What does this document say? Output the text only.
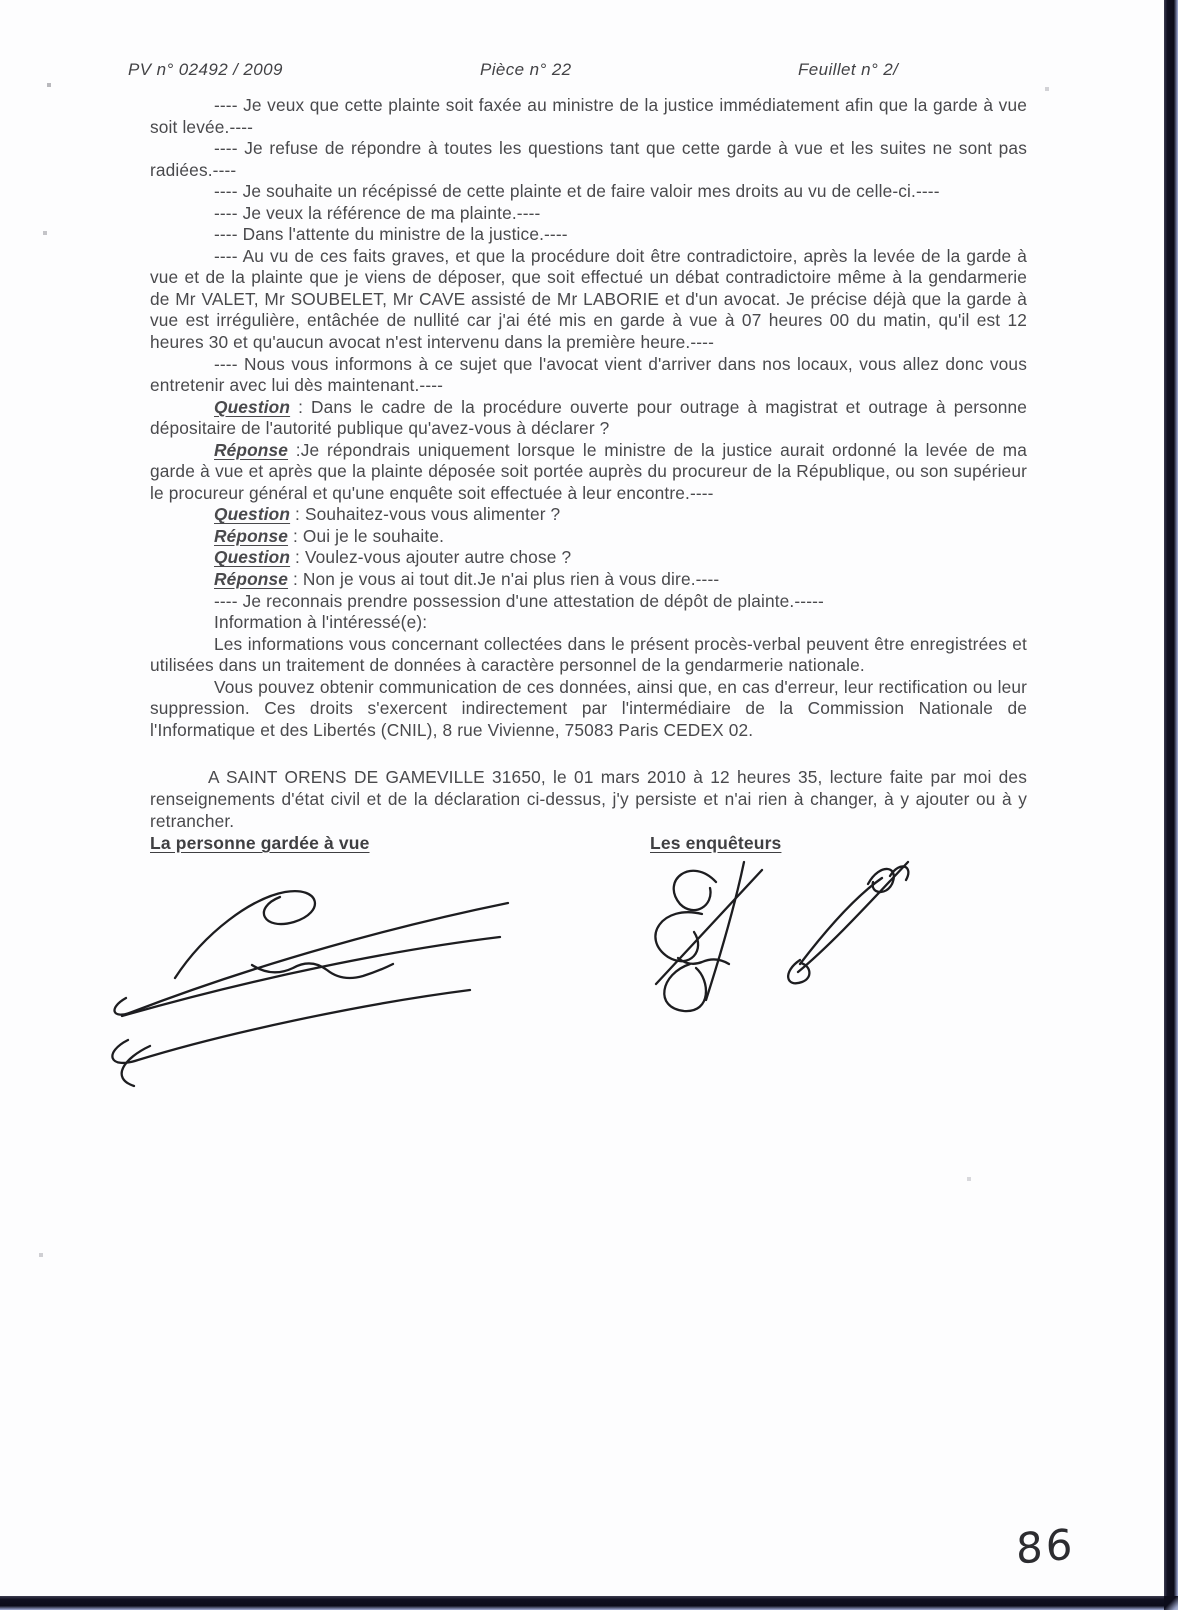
PV n° 02492 / 2009	Pièce n° 22	Feuillet n° 2/

---- Je veux que cette plainte soit faxée au ministre de la justice immédiatement afin que la garde à vue soit levée.----

---- Je refuse de répondre à toutes les questions tant que cette garde à vue et les suites ne sont pas radiées.----

---- Je souhaite un récépissé de cette plainte et de faire valoir mes droits au vu de celle-ci.----

---- Je veux la référence de ma plainte.----

---- Dans l'attente du ministre de la justice.----

---- Au vu de ces faits graves, et que la procédure doit être contradictoire, après la levée de la garde à vue et de la plainte que je viens de déposer, que soit effectué un débat contradictoire même à la gendarmerie de Mr VALET, Mr SOUBELET, Mr CAVE assisté de Mr LABORIE et d'un avocat. Je précise déjà que la garde à vue est irrégulière, entâchée de nullité car j'ai été mis en garde à vue à 07 heures 00 du matin, qu'il est 12 heures 30 et qu'aucun avocat n'est intervenu dans la première heure.----

---- Nous vous informons à ce sujet que l'avocat vient d'arriver dans nos locaux, vous allez donc vous entretenir avec lui dès maintenant.----

Question : Dans le cadre de la procédure ouverte pour outrage à magistrat et outrage à personne dépositaire de l'autorité publique qu'avez-vous à déclarer ?

Réponse :Je répondrais uniquement lorsque le ministre de la justice aurait ordonné la levée de ma garde à vue et après que la plainte déposée soit portée auprès du procureur de la République, ou son supérieur le procureur général et qu'une enquête soit effectuée à leur encontre.----

Question : Souhaitez-vous vous alimenter ?

Réponse : Oui je le souhaite.

Question : Voulez-vous ajouter autre chose ?

Réponse : Non je vous ai tout dit.Je n'ai plus rien à vous dire.----

---- Je reconnais prendre possession d'une attestation de dépôt de plainte.-----

Information à l'intéressé(e):

Les informations vous concernant collectées dans le présent procès-verbal peuvent être enregistrées et utilisées dans un traitement de données à caractère personnel de la gendarmerie nationale.

Vous pouvez obtenir communication de ces données, ainsi que, en cas d'erreur, leur rectification ou leur suppression. Ces droits s'exercent indirectement par l'intermédiaire de la Commission Nationale de l'Informatique et des Libertés (CNIL), 8 rue Vivienne, 75083 Paris CEDEX 02.

A SAINT ORENS DE GAMEVILLE 31650, le 01 mars 2010 à 12 heures 35, lecture faite par moi des renseignements d'état civil et de la déclaration ci-dessus, j'y persiste et n'ai rien à changer, à y ajouter ou à y retrancher.

La personne gardée à vue	Les enquêteurs
86
